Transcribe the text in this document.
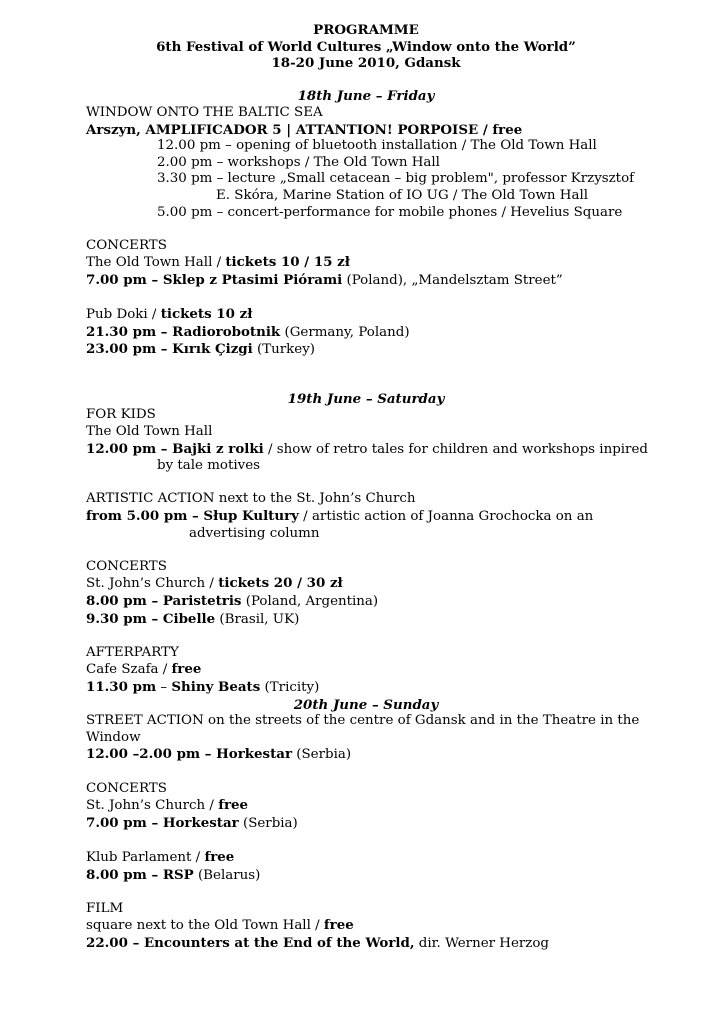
PROGRAMME
6th Festival of World Cultures „Window onto the World”
18-20 June 2010, Gdansk
18th June – Friday
WINDOW ONTO THE BALTIC SEA
Arszyn, AMPLIFICADOR 5 | ATTANTION! PORPOISE / free
12.00 pm – opening of bluetooth installation / The Old Town Hall
2.00 pm – workshops / The Old Town Hall
3.30 pm – lecture „Small cetacean – big problem", professor Krzysztof
E. Skóra, Marine Station of IO UG / The Old Town Hall
5.00 pm – concert-performance for mobile phones / Hevelius Square
CONCERTS
The Old Town Hall / tickets 10 / 15 zł
7.00 pm – Sklep z Ptasimi Piórami (Poland), „Mandelsztam Street”
Pub Doki / tickets 10 zł
21.30 pm – Radiorobotnik (Germany, Poland)
23.00 pm – Kırık Çizgi (Turkey)
19th June – Saturday
FOR KIDS
The Old Town Hall
12.00 pm – Bajki z rolki / show of retro tales for children and workshops inpired
by tale motives
ARTISTIC ACTION next to the St. John’s Church
from 5.00 pm – Słup Kultury / artistic action of Joanna Grochocka on an
advertising column
CONCERTS
St. John’s Church / tickets 20 / 30 zł
8.00 pm – Paristetris (Poland, Argentina)
9.30 pm – Cibelle (Brasil, UK)
AFTERPARTY
Cafe Szafa / free
11.30 pm – Shiny Beats (Tricity)
20th June – Sunday
STREET ACTION on the streets of the centre of Gdansk and in the Theatre in the
Window
12.00 –2.00 pm – Horkestar (Serbia)
CONCERTS
St. John’s Church / free
7.00 pm – Horkestar (Serbia)
Klub Parlament / free
8.00 pm – RSP (Belarus)
FILM
square next to the Old Town Hall / free
22.00 – Encounters at the End of the World, dir. Werner Herzog
